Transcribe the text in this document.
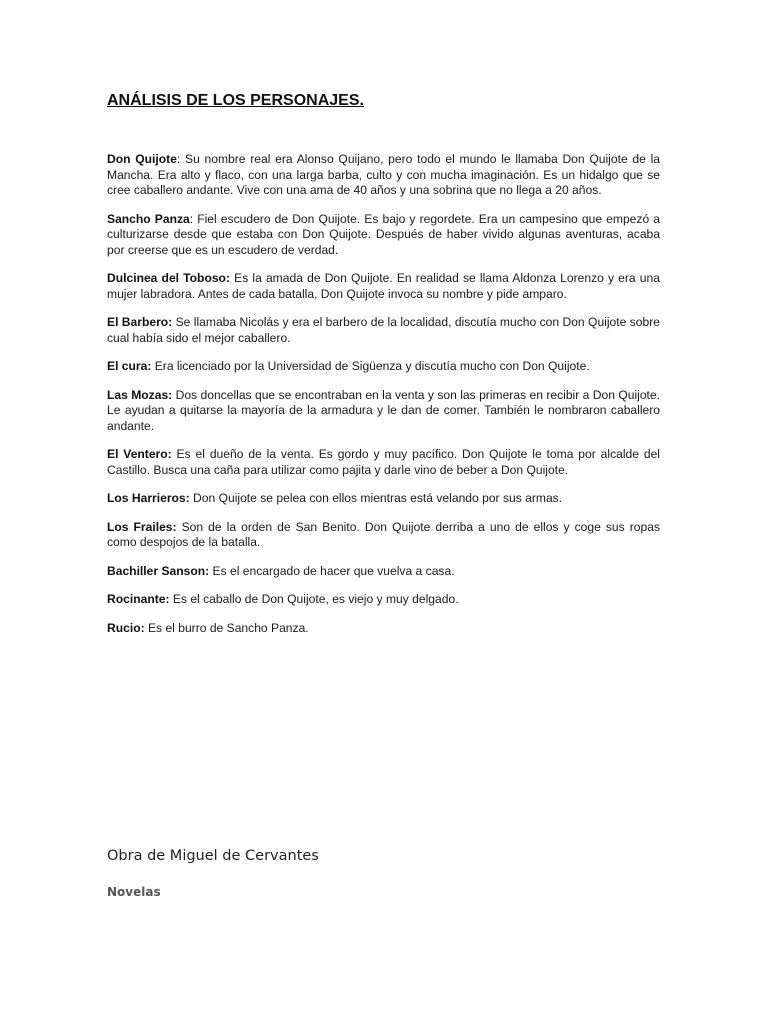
ANÁLISIS DE LOS PERSONAJES.

Don Quijote: Su nombre real era Alonso Quijano, pero todo el mundo le llamaba Don Quijote de la Mancha. Era alto y flaco, con una larga barba, culto y con mucha imaginación. Es un hidalgo que se cree caballero andante. Vive con una ama de 40 años y una sobrina que no llega a 20 años.

Sancho Panza: Fiel escudero de Don Quijote. Es bajo y regordete. Era un campesino que empezó a culturizarse desde que estaba con Don Quijote. Después de haber vivido algunas aventuras, acaba por creerse que es un escudero de verdad.

Dulcinea del Toboso: Es la amada de Don Quijote. En realidad se llama Aldonza Lorenzo y era una mujer labradora. Antes de cada batalla, Don Quijote invoca su nombre y pide amparo.

El Barbero: Se llamaba Nicolás y era el barbero de la localidad, discutía mucho con Don Quijote sobre cual había sido el mejor caballero.

El cura: Era licenciado por la Universidad de Sigüenza y discutía mucho con Don Quijote.

Las Mozas: Dos doncellas que se encontraban en la venta y son las primeras en recibir a Don Quijote. Le ayudan a quitarse la mayoría de la armadura y le dan de comer. También le nombraron caballero andante.

El Ventero: Es el dueño de la venta. Es gordo y muy pacífico. Don Quijote le toma por alcalde del Castillo. Busca una caña para utilizar como pajita y darle vino de beber a Don Quijote.

Los Harrieros: Don Quijote se pelea con ellos mientras está velando por sus armas.

Los Frailes: Son de la orden de San Benito. Don Quijote derriba a uno de ellos y coge sus ropas como despojos de la batalla.

Bachiller Sanson: Es el encargado de hacer que vuelva a casa.

Rocinante: Es el caballo de Don Quijote, es viejo y muy delgado.

Rucio: Es el burro de Sancho Panza.

Obra de Miguel de Cervantes
Novelas
